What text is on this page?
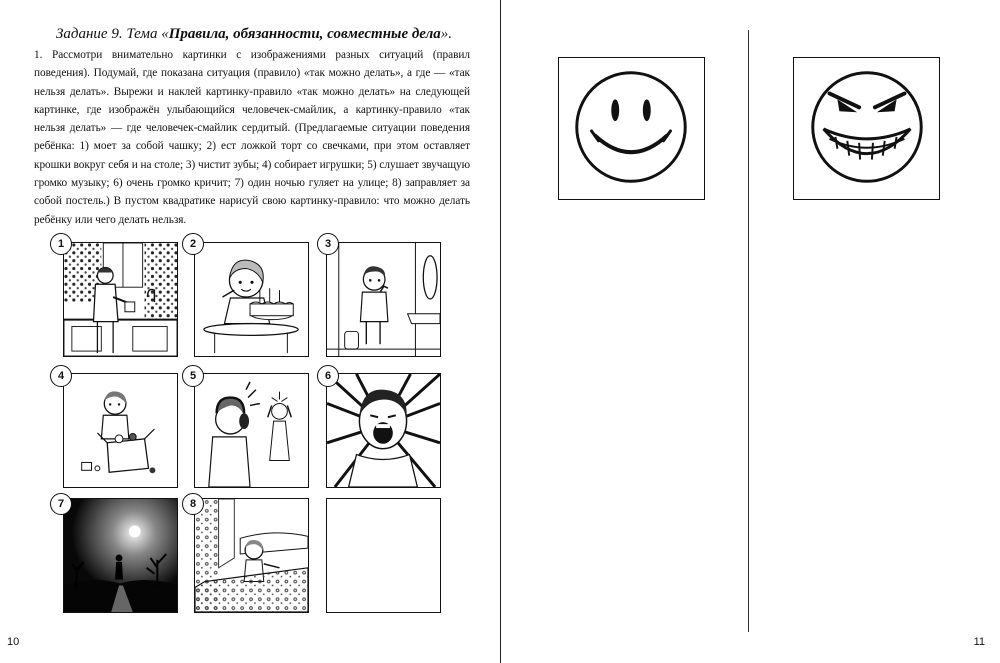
Задание 9. Тема «Правила, обязанности, совместные дела».
1. Рассмотри внимательно картинки с изображениями разных ситуаций (правил поведения). Подумай, где показана ситуация (правило) «так можно делать», а где — «так нельзя делать». Вырежи и наклей картинку-правило «так можно делать» на следующей картинке, где изображён улыбающийся человечек-смайлик, а картинку-правило «так нельзя делать» — где человечек-смайлик сердитый. (Предлагаемые ситуации поведения ребёнка: 1) моет за собой чашку; 2) ест ложкой торт со свечками, при этом оставляет крошки вокруг себя и на столе; 3) чистит зубы; 4) собирает игрушки; 5) слушает звучащую громко музыку; 6) очень громко кричит; 7) один ночью гуляет на улице; 8) заправляет за собой постель.) В пустом квадратике нарисуй свою картинку-правило: что можно делать ребёнку или чего делать нельзя.
1	2	3
4	5	6
7	8
10	11
